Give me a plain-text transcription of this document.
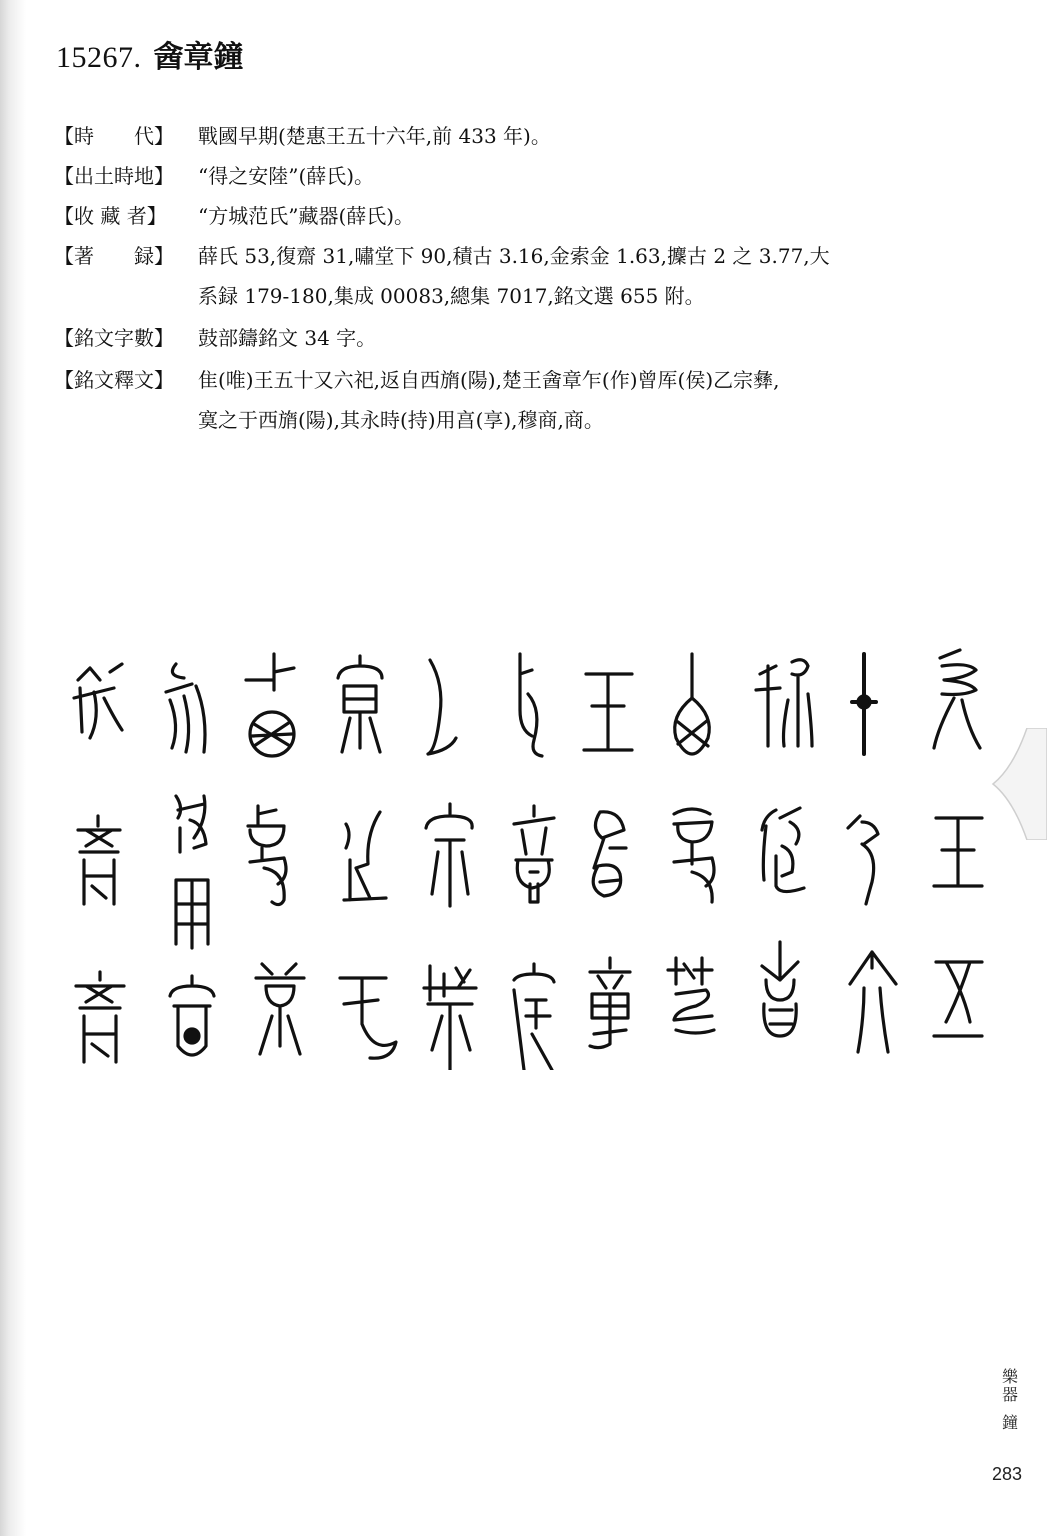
15267. 酓章鐘
【時　　代】	戰國早期(楚惠王五十六年,前 433 年)。
【出土時地】	“得之安陸”(薛氏)。
【收 藏 者】	“方城范氏”藏器(薛氏)。
【著　　録】	薛氏 53,復齋 31,嘯堂下 90,積古 3.16,金索金 1.63,攈古 2 之 3.77,大
系録 179-180,集成 00083,總集 7017,銘文選 655 附。
【銘文字數】	鼓部鑄銘文 34 字。
【銘文釋文】	隹(唯)王五十又六祀,返自西旓(陽),楚王酓章乍(作)曾厍(侯)乙宗彝,
寞之于西旓(陽),其永時(持)用亯(享),穆商,商。
樂
器
鐘
283
